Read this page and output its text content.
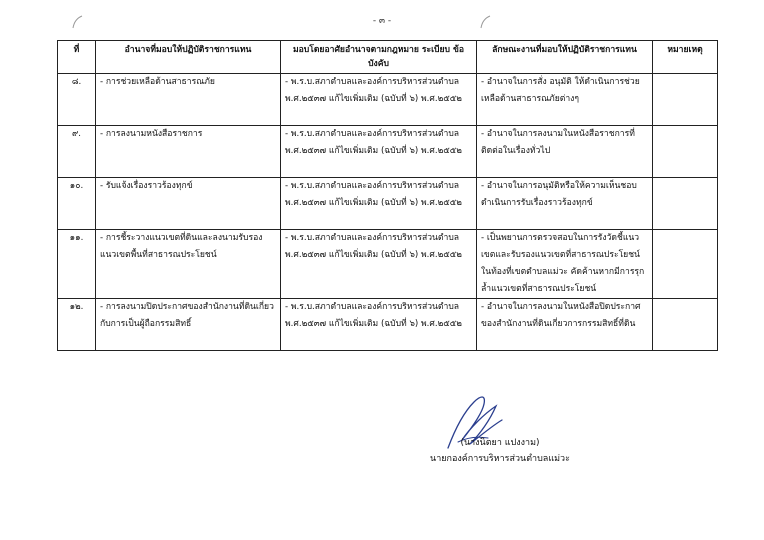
- ๓ -
ที่	อำนาจที่มอบให้ปฏิบัติราชการแทน	มอบโดยอาศัยอำนาจตามกฎหมาย ระเบียบ ข้อบังคับ	ลักษณะงานที่มอบให้ปฏิบัติราชการแทน	หมายเหตุ
๘.	- การช่วยเหลือด้านสาธารณภัย	- พ.ร.บ.สภาตำบลและองค์การบริหารส่วนตำบล พ.ศ.๒๕๓๗ แก้ไขเพิ่มเติม (ฉบับที่ ๖) พ.ศ.๒๕๕๒	- อำนาจในการสั่ง อนุมัติ ให้ดำเนินการช่วยเหลือด้านสาธารณภัยต่างๆ	
๙.	- การลงนามหนังสือราชการ	- พ.ร.บ.สภาตำบลและองค์การบริหารส่วนตำบล พ.ศ.๒๕๓๗ แก้ไขเพิ่มเติม (ฉบับที่ ๖) พ.ศ.๒๕๕๒	- อำนาจในการลงนามในหนังสือราชการที่ติดต่อในเรื่องทั่วไป	
๑๐.	- รับแจ้งเรื่องราวร้องทุกข์	- พ.ร.บ.สภาตำบลและองค์การบริหารส่วนตำบล พ.ศ.๒๕๓๗ แก้ไขเพิ่มเติม (ฉบับที่ ๖) พ.ศ.๒๕๕๒	- อำนาจในการอนุมัติหรือให้ความเห็นชอบดำเนินการรับเรื่องราวร้องทุกข์	
๑๑.	- การชี้ระวางแนวเขตที่ดินและลงนามรับรองแนวเขตพื้นที่สาธารณประโยชน์	- พ.ร.บ.สภาตำบลและองค์การบริหารส่วนตำบล พ.ศ.๒๕๓๗ แก้ไขเพิ่มเติม (ฉบับที่ ๖) พ.ศ.๒๕๕๒	- เป็นพยานการตรวจสอบในการรังวัดชี้แนวเขตและรับรองแนวเขตที่สาธารณประโยชน์ในท้องที่เขตตำบลแม่วะ คัดค้านหากมีการรุกล้ำแนวเขตที่สาธารณประโยชน์	
๑๒.	- การลงนามปิดประกาศของสำนักงานที่ดินเกี่ยวกับการเป็นผู้ถือกรรมสิทธิ์	- พ.ร.บ.สภาตำบลและองค์การบริหารส่วนตำบล พ.ศ.๒๕๓๗ แก้ไขเพิ่มเติม (ฉบับที่ ๖) พ.ศ.๒๕๕๒	- อำนาจในการลงนามในหนังสือปิดประกาศของสำนักงานที่ดินเกี่ยวการกรรมสิทธิ์ที่ดิน	
(นางนิตยา แปงงาม)
นายกองค์การบริหารส่วนตำบลแม่วะ
